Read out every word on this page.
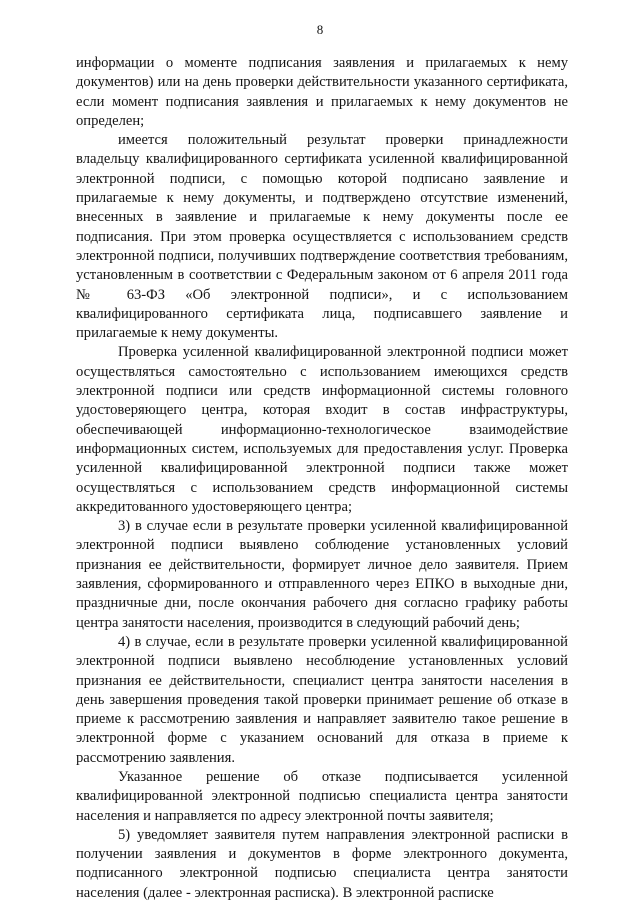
8

информации о моменте подписания заявления и прилагаемых к нему документов) или на день проверки действительности указанного сертификата, если момент подписания заявления и прилагаемых к нему документов не определен;

имеется положительный результат проверки принадлежности владельцу квалифицированного сертификата усиленной квалифицированной электронной подписи, с помощью которой подписано заявление и прилагаемые к нему документы, и подтверждено отсутствие изменений, внесенных в заявление и прилагаемые к нему документы после ее подписания. При этом проверка осуществляется с использованием средств электронной подписи, получивших подтверждение соответствия требованиям, установленным в соответствии с Федеральным законом от 6 апреля 2011 года № 63-ФЗ «Об электронной подписи», и с использованием квалифицированного сертификата лица, подписавшего заявление и прилагаемые к нему документы.

Проверка усиленной квалифицированной электронной подписи может осуществляться самостоятельно с использованием имеющихся средств электронной подписи или средств информационной системы головного удостоверяющего центра, которая входит в состав инфраструктуры, обеспечивающей информационно-технологическое взаимодействие информационных систем, используемых для предоставления услуг. Проверка усиленной квалифицированной электронной подписи также может осуществляться с использованием средств информационной системы аккредитованного удостоверяющего центра;

3) в случае если в результате проверки усиленной квалифицированной электронной подписи выявлено соблюдение установленных условий признания ее действительности, формирует личное дело заявителя. Прием заявления, сформированного и отправленного через ЕПКО в выходные дни, праздничные дни, после окончания рабочего дня согласно графику работы центра занятости населения, производится в следующий рабочий день;

4) в случае, если в результате проверки усиленной квалифицированной электронной подписи выявлено несоблюдение установленных условий признания ее действительности, специалист центра занятости населения в день завершения проведения такой проверки принимает решение об отказе в приеме к рассмотрению заявления и направляет заявителю такое решение в электронной форме с указанием оснований для отказа в приеме к рассмотрению заявления.

Указанное решение об отказе подписывается усиленной квалифицированной электронной подписью специалиста центра занятости населения и направляется по адресу электронной почты заявителя;

5) уведомляет заявителя путем направления электронной расписки в получении заявления и документов в форме электронного документа, подписанного электронной подписью специалиста центра занятости населения (далее - электронная расписка). В электронной расписке
